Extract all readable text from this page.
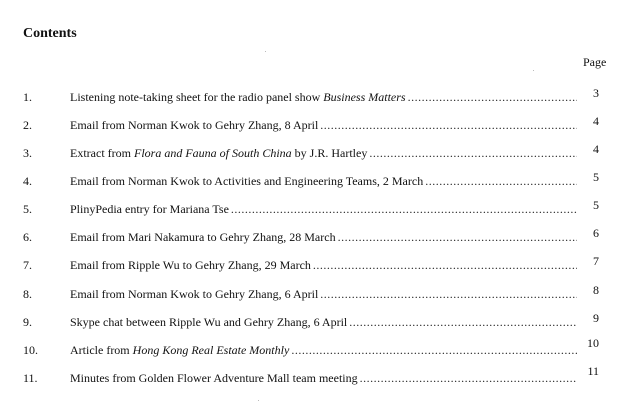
Contents
Page
1.	Listening note-taking sheet for the radio panel show Business Matters .....	3
2.	Email from Norman Kwok to Gehry Zhang, 8 April .....	4
3.	Extract from Flora and Fauna of South China by J.R. Hartley .....	4
4.	Email from Norman Kwok to Activities and Engineering Teams, 2 March .....	5
5.	PlinyPedia entry for Mariana Tse .....	5
6.	Email from Mari Nakamura to Gehry Zhang, 28 March .....	6
7.	Email from Ripple Wu to Gehry Zhang, 29 March .....	7
8.	Email from Norman Kwok to Gehry Zhang, 6 April .....	8
9.	Skype chat between Ripple Wu and Gehry Zhang, 6 April .....	9
10.	Article from Hong Kong Real Estate Monthly .....	10
11.	Minutes from Golden Flower Adventure Mall team meeting .....	11
